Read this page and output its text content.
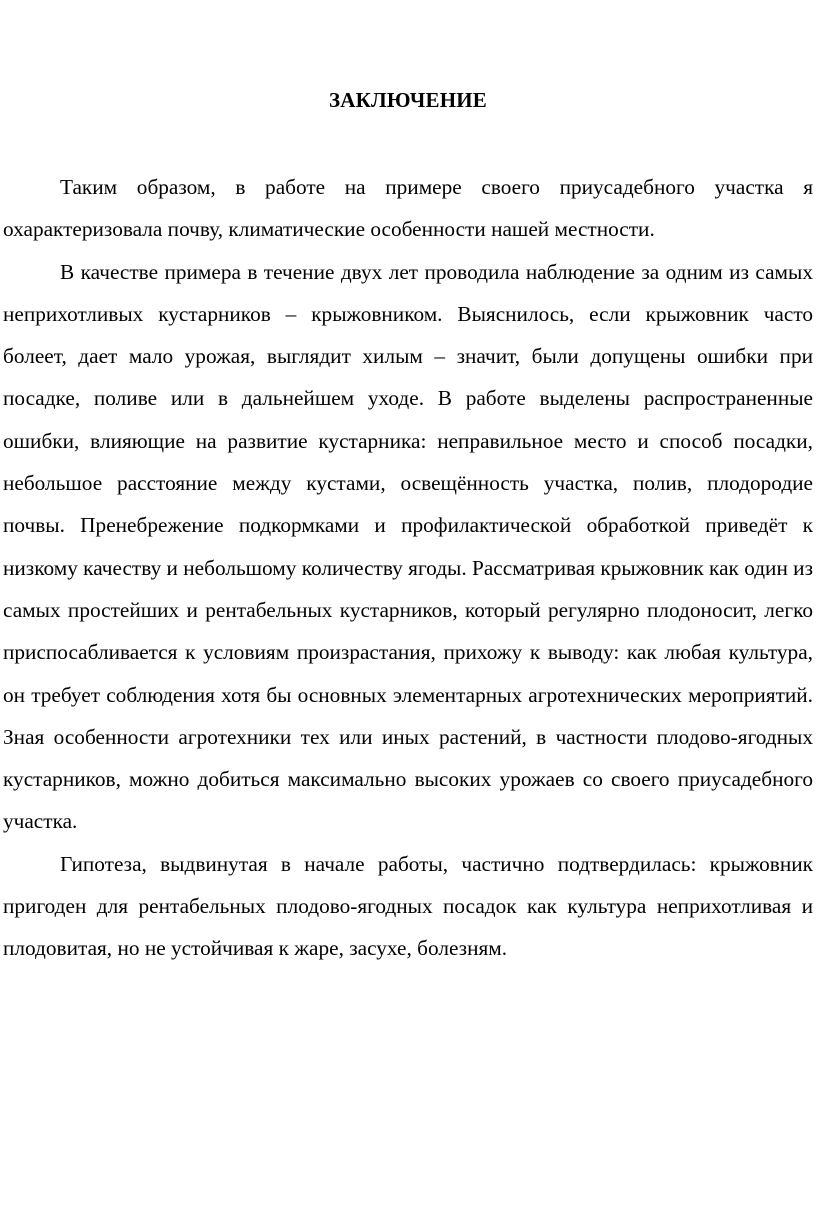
ЗАКЛЮЧЕНИЕ

Таким образом, в работе на примере своего приусадебного участка я охарактеризовала почву, климатические особенности нашей местности.

В качестве примера в течение двух лет проводила наблюдение за одним из самых неприхотливых кустарников – крыжовником. Выяснилось, если крыжовник часто болеет, дает мало урожая, выглядит хилым – значит, были допущены ошибки при посадке, поливе или в дальнейшем уходе. В работе выделены распространенные ошибки, влияющие на развитие кустарника: неправильное место и способ посадки, небольшое расстояние между кустами, освещённость участка, полив, плодородие почвы. Пренебрежение подкормками и профилактической обработкой приведёт к низкому качеству и небольшому количеству ягоды. Рассматривая крыжовник как один из самых простейших и рентабельных кустарников, который регулярно плодоносит, легко приспосабливается к условиям произрастания, прихожу к выводу: как любая культура, он требует соблюдения хотя бы основных элементарных агротехнических мероприятий. Зная особенности агротехники тех или иных растений, в частности плодово-ягодных кустарников, можно добиться максимально высоких урожаев со своего приусадебного участка.

Гипотеза, выдвинутая в начале работы, частично подтвердилась: крыжовник пригоден для рентабельных плодово-ягодных посадок как культура неприхотливая и плодовитая, но не устойчивая к жаре, засухе, болезням.
